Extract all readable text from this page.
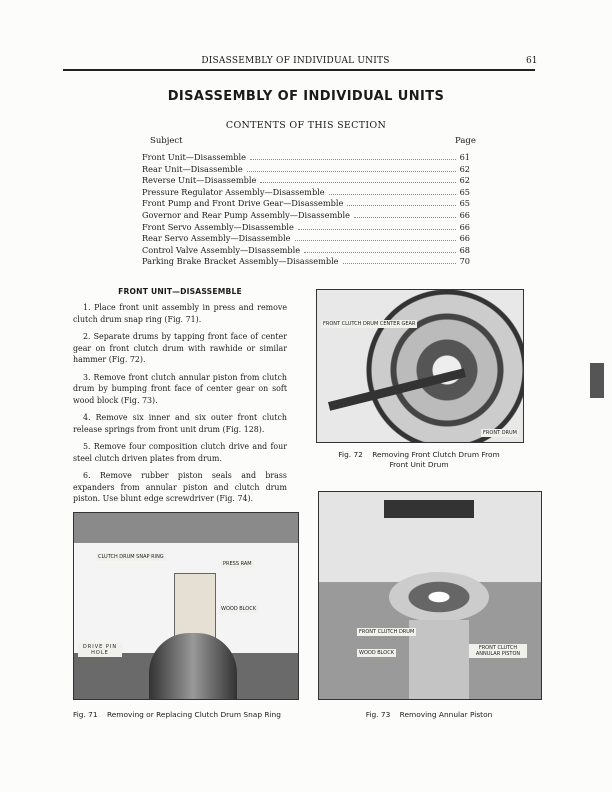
DISASSEMBLY OF INDIVIDUAL UNITS	61
DISASSEMBLY OF INDIVIDUAL UNITS
CONTENTS OF THIS SECTION
Subject	Page
Front Unit—Disassemble	61
Rear Unit—Disassemble	62
Reverse Unit—Disassemble	62
Pressure Regulator Assembly—Disassemble	65
Front Pump and Front Drive Gear—Disassemble	65
Governor and Rear Pump Assembly—Disassemble	66
Front Servo Assembly—Disassemble	66
Rear Servo Assembly—Disassemble	66
Control Valve Assembly—Disassemble	68
Parking Brake Bracket Assembly—Disassemble	70
FRONT UNIT—DISASSEMBLE

1. Place front unit assembly in press and remove clutch drum snap ring (Fig. 71).

2. Separate drums by tapping front face of center gear on front clutch drum with rawhide or similar hammer (Fig. 72).

3. Remove front clutch annular piston from clutch drum by bumping front face of center gear on soft wood block (Fig. 73).

4. Remove six inner and six outer front clutch release springs from front unit drum (Fig. 128).

5. Remove four composition clutch drive and four steel clutch driven plates from drum.

6. Remove rubber piston seals and brass expanders from annular piston and clutch drum piston. Use blunt edge screwdriver (Fig. 74).

FRONT CLUTCH DRUM CENTER GEAR
FRONT DRUM
Fig. 72    Removing Front Clutch Drum From
Front Unit Drum
CLUTCH DRUM SNAP RING
PRESS RAM
WOOD BLOCK
DRIVE PIN HOLE
Fig. 71    Removing or Replacing Clutch Drum Snap Ring
FRONT CLUTCH DRUM
WOOD BLOCK
FRONT CLUTCH ANNULAR PISTON
Fig. 73    Removing Annular Piston
